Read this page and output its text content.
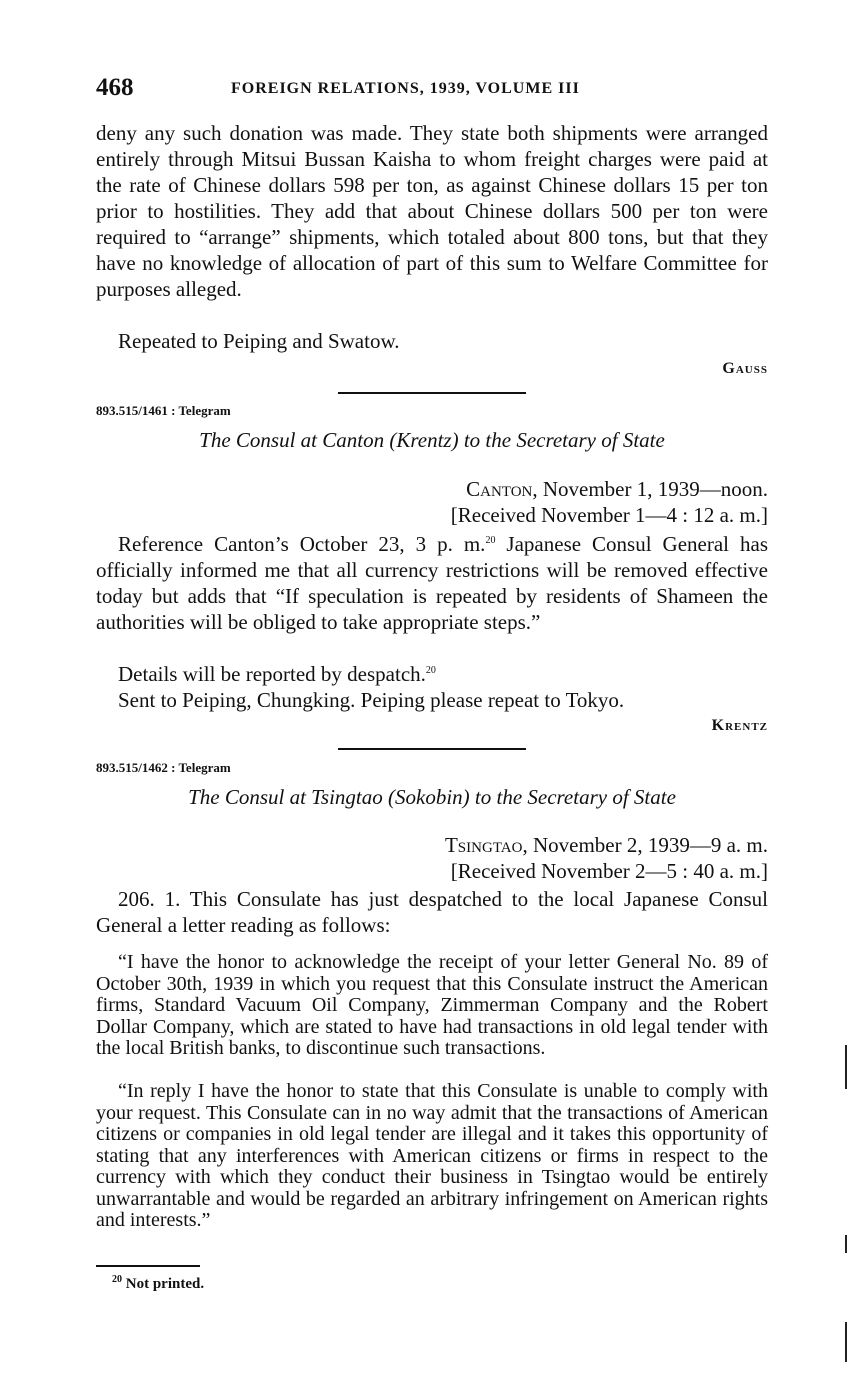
468	FOREIGN RELATIONS, 1939, VOLUME III
deny any such donation was made. They state both shipments were arranged entirely through Mitsui Bussan Kaisha to whom freight charges were paid at the rate of Chinese dollars 598 per ton, as against Chinese dollars 15 per ton prior to hostilities. They add that about Chinese dollars 500 per ton were required to “arrange” shipments, which totaled about 800 tons, but that they have no knowledge of allocation of part of this sum to Welfare Committee for purposes alleged.
Repeated to Peiping and Swatow.
Gauss
893.515/1461 : Telegram
The Consul at Canton (Krentz) to the Secretary of State
Canton, November 1, 1939—noon.
[Received November 1—4 : 12 a. m.]
Reference Canton’s October 23, 3 p. m.$^{20}$ Japanese Consul General has officially informed me that all currency restrictions will be removed effective today but adds that “If speculation is repeated by residents of Shameen the authorities will be obliged to take appropriate steps.”
Details will be reported by despatch.$^{20}$
Sent to Peiping, Chungking. Peiping please repeat to Tokyo.
Krentz
893.515/1462 : Telegram
The Consul at Tsingtao (Sokobin) to the Secretary of State
Tsingtao, November 2, 1939—9 a. m.
[Received November 2—5 : 40 a. m.]
206. 1. This Consulate has just despatched to the local Japanese Consul General a letter reading as follows:
“I have the honor to acknowledge the receipt of your letter General No. 89 of October 30th, 1939 in which you request that this Consulate instruct the American firms, Standard Vacuum Oil Company, Zimmerman Company and the Robert Dollar Company, which are stated to have had transactions in old legal tender with the local British banks, to discontinue such transactions.
“In reply I have the honor to state that this Consulate is unable to comply with your request. This Consulate can in no way admit that the transactions of American citizens or companies in old legal tender are illegal and it takes this opportunity of stating that any interferences with American citizens or firms in respect to the currency with which they conduct their business in Tsingtao would be entirely unwarrantable and would be regarded an arbitrary infringement on American rights and interests.”
$^{20}$ Not printed.
